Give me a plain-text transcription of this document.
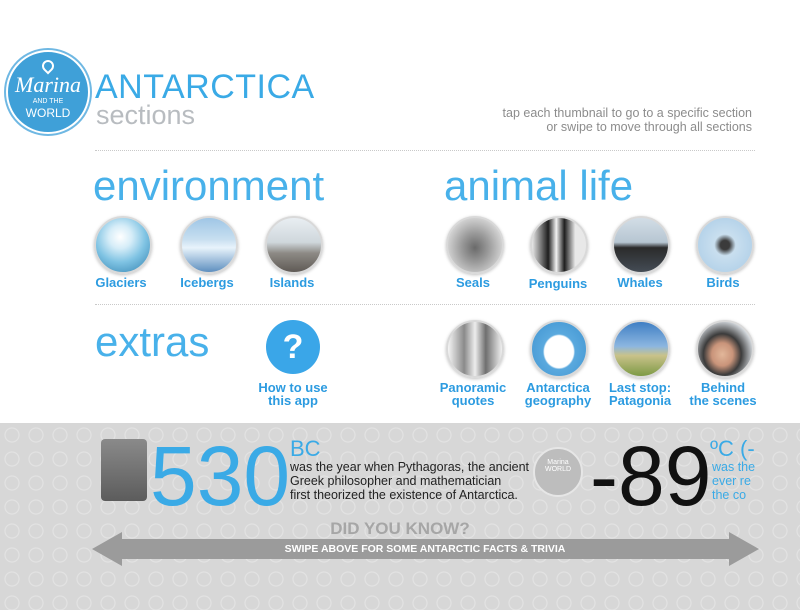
Marina
AND THE
WORLD
ANTARCTICA
sections	tap each thumbnail to go to a specific section
or swipe to move through all sections
environment
Glaciers	Icebergs	Islands
animal life
Seals	Penguins	Whales	Birds
extras	?
How to use
this app
Panoramic
quotes
Antarctica
geography
Last stop:
Patagonia
Behind
the scenes
530 BC
was the year when Pythagoras, the ancient
Greek philosopher and mathematician
first theorized the existence of Antarctica.
Marina
WORLD -89
ºC (-
was the
ever re
the co
DID YOU KNOW?
SWIPE ABOVE FOR SOME ANTARCTIC FACTS & TRIVIA
